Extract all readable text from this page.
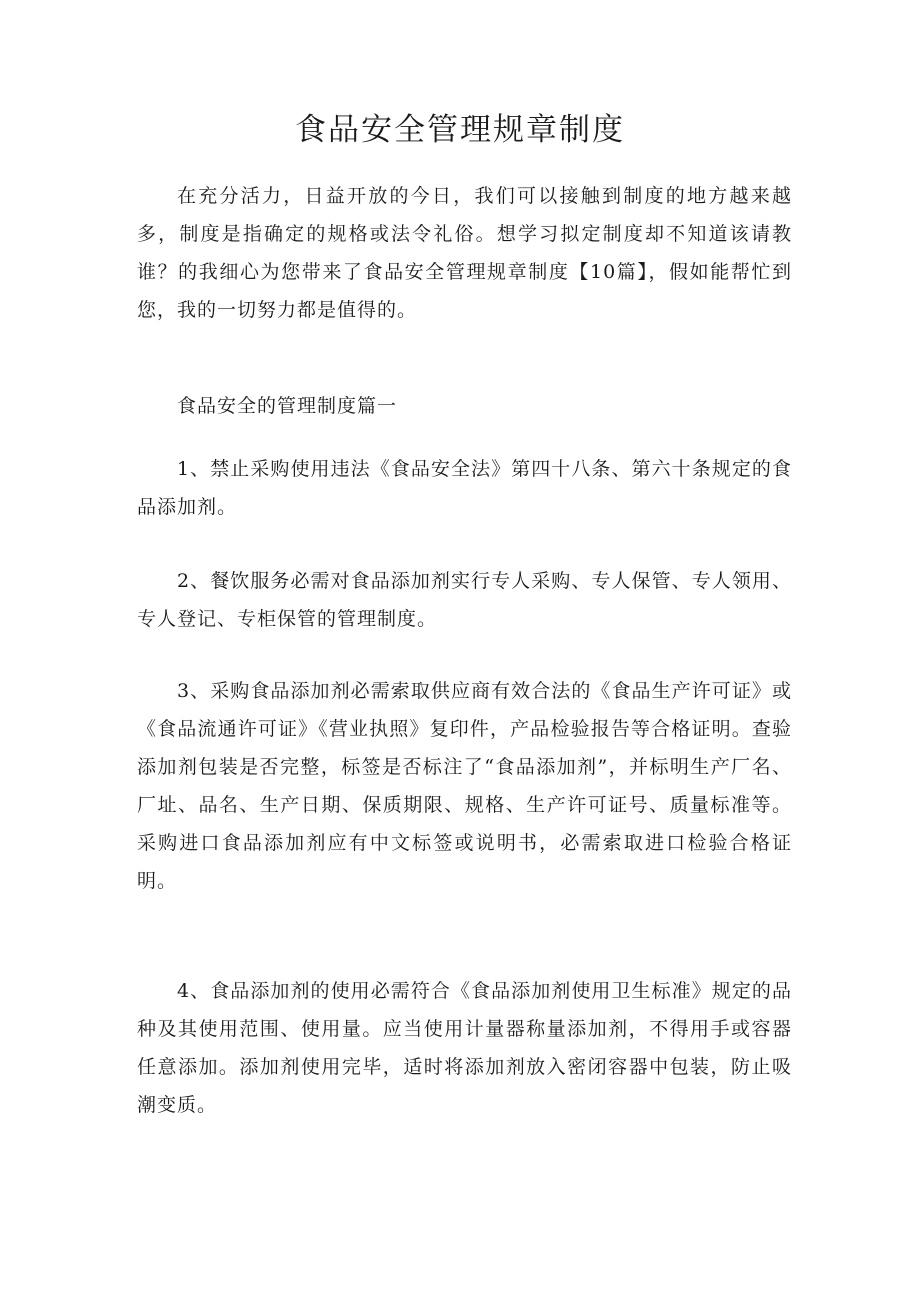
食品安全管理规章制度

在充分活力，日益开放的今日，我们可以接触到制度的地方越来越多，制度是指确定的规格或法令礼俗。想学习拟定制度却不知道该请教谁？的我细心为您带来了食品安全管理规章制度【10篇】，假如能帮忙到您，我的一切努力都是值得的。

食品安全的管理制度篇一

1、禁止采购使用违法《食品安全法》第四十八条、第六十条规定的食品添加剂。

2、餐饮服务必需对食品添加剂实行专人采购、专人保管、专人领用、专人登记、专柜保管的管理制度。

3、采购食品添加剂必需索取供应商有效合法的《食品生产许可证》或《食品流通许可证》《营业执照》复印件，产品检验报告等合格证明。查验添加剂包装是否完整，标签是否标注了“食品添加剂”，并标明生产厂名、厂址、品名、生产日期、保质期限、规格、生产许可证号、质量标准等。采购进口食品添加剂应有中文标签或说明书，必需索取进口检验合格证明。

4、食品添加剂的使用必需符合《食品添加剂使用卫生标准》规定的品种及其使用范围、使用量。应当使用计量器称量添加剂，不得用手或容器任意添加。添加剂使用完毕，适时将添加剂放入密闭容器中包装，防止吸潮变质。
